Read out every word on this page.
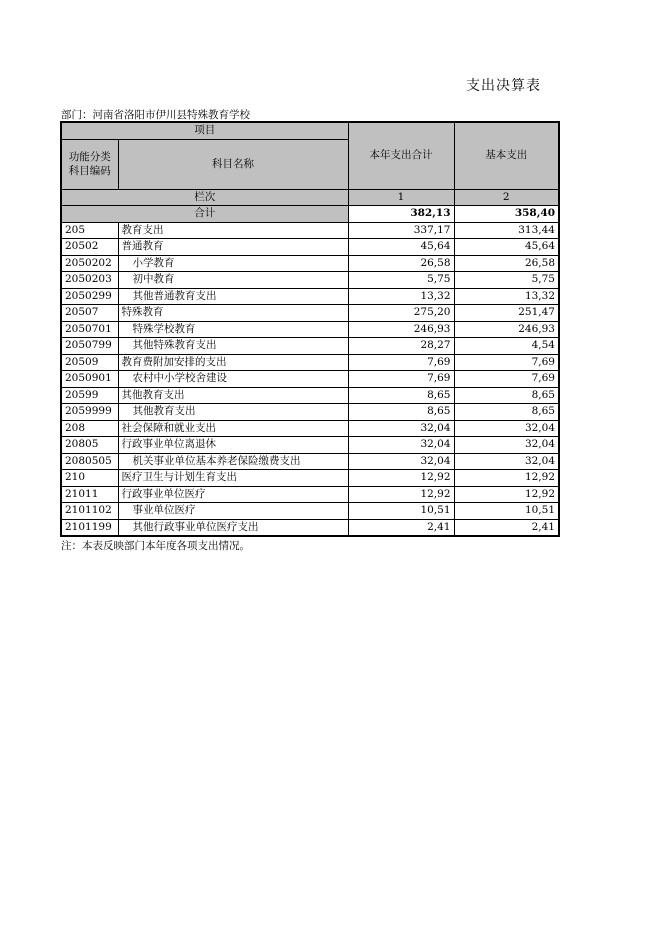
支出决算表
部门：河南省洛阳市伊川县特殊教育学校
项目		本年支出合计	基本支出

功能分类
科目编码	科目名称		
栏次		1	2
合计		382,13	358,40
205	教育支出	337,17	313,44
20502	普通教育	45,64	45,64
2050202	小学教育	26,58	26,58
2050203	初中教育	5,75	5,75
2050299	其他普通教育支出	13,32	13,32
20507	特殊教育	275,20	251,47
2050701	特殊学校教育	246,93	246,93
2050799	其他特殊教育支出	28,27	4,54
20509	教育费附加安排的支出	7,69	7,69
2050901	农村中小学校舍建设	7,69	7,69
20599	其他教育支出	8,65	8,65
2059999	其他教育支出	8,65	8,65
208	社会保障和就业支出	32,04	32,04
20805	行政事业单位离退休	32,04	32,04
2080505	机关事业单位基本养老保险缴费支出	32,04	32,04
210	医疗卫生与计划生育支出	12,92	12,92
21011	行政事业单位医疗	12,92	12,92
2101102	事业单位医疗	10,51	10,51
2101199	其他行政事业单位医疗支出	2,41	2,41
注：本表反映部门本年度各项支出情况。
